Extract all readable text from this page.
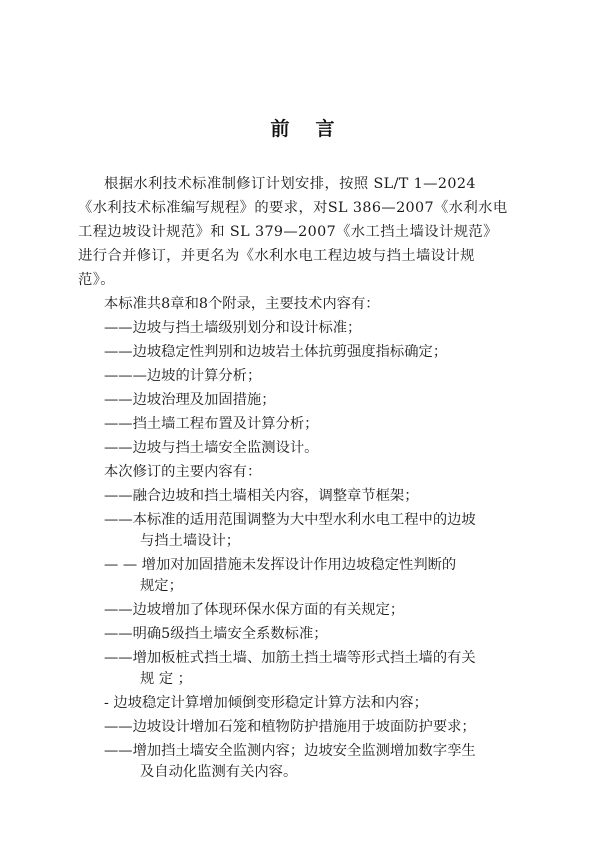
前言
根据水利技术标准制修订计划安排，按照 SL/T 1—2024
《水利技术标准编写规程》的要求，对SL 386—2007《水利水电
工程边坡设计规范》和 SL 379—2007《水工挡土墙设计规范》
进行合并修订，并更名为《水利水电工程边坡与挡土墙设计规
范》。
本标准共8章和8个附录，主要技术内容有：
——边坡与挡土墙级别划分和设计标准；
——边坡稳定性判别和边坡岩土体抗剪强度指标确定；
———边坡的计算分析；
——边坡治理及加固措施；
——挡土墙工程布置及计算分析；
——边坡与挡土墙安全监测设计。
本次修订的主要内容有：
——融合边坡和挡土墙相关内容，调整章节框架；
——本标准的适用范围调整为大中型水利水电工程中的边坡
与挡土墙设计；
— — 增加对加固措施未发挥设计作用边坡稳定性判断的
规定；
——边坡增加了体现环保水保方面的有关规定；
——明确5级挡土墙安全系数标准；
——增加板桩式挡土墙、加筋土挡土墙等形式挡土墙的有关
规 定 ；
- 边坡稳定计算增加倾倒变形稳定计算方法和内容；
——边坡设计增加石笼和植物防护措施用于坡面防护要求；
——增加挡土墙安全监测内容；边坡安全监测增加数字孪生
及自动化监测有关内容。
